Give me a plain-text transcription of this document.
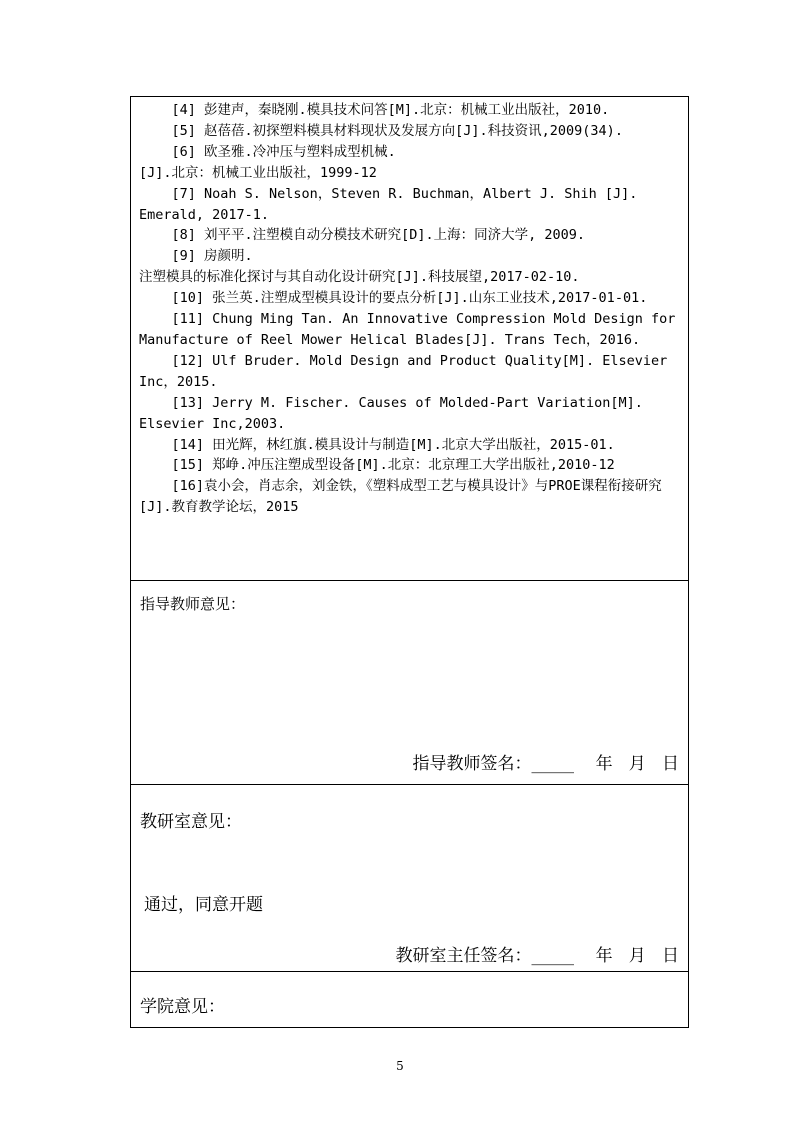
[4] 彭建声，秦晓刚.模具技术问答[M].北京：机械工业出版社，2010.

[5] 赵蓓蓓.初探塑料模具材料现状及发展方向[J].科技资讯,2009(34).

[6] 欧圣雅.冷冲压与塑料成型机械.
[J].北京：机械工业出版社，1999-12

[7] Noah S. Nelson，Steven R. Buchman，Albert J. Shih [J].
Emerald, 2017-1.

[8] 刘平平.注塑模自动分模技术研究[D].上海：同济大学, 2009.

[9] 房颜明.
注塑模具的标准化探讨与其自动化设计研究[J].科技展望,2017-02-10.

[10] 张兰英.注塑成型模具设计的要点分析[J].山东工业技术,2017-01-01.

[11] Chung Ming Tan. An Innovative Compression Mold Design for
Manufacture of Reel Mower Helical Blades[J]. Trans Tech，2016.

[12] Ulf Bruder. Mold Design and Product Quality[M]. Elsevier
Inc，2015.

[13] Jerry M. Fischer. Causes of Molded-Part Variation[M].
Elsevier Inc,2003.

[14] 田光辉，林红旗.模具设计与制造[M].北京大学出版社，2015-01.

[15] 郑峥.冲压注塑成型设备[M].北京：北京理工大学出版社,2010-12

[16]袁小会，肖志余，刘金铁，《塑料成型工艺与模具设计》与PROE课程衔接研究[J].教育教学论坛，2015

指导教师意见：
指导教师签名：_____    年   月   日
教研室意见：
通过，同意开题
教研室主任签名：_____    年   月   日
学院意见：
5
